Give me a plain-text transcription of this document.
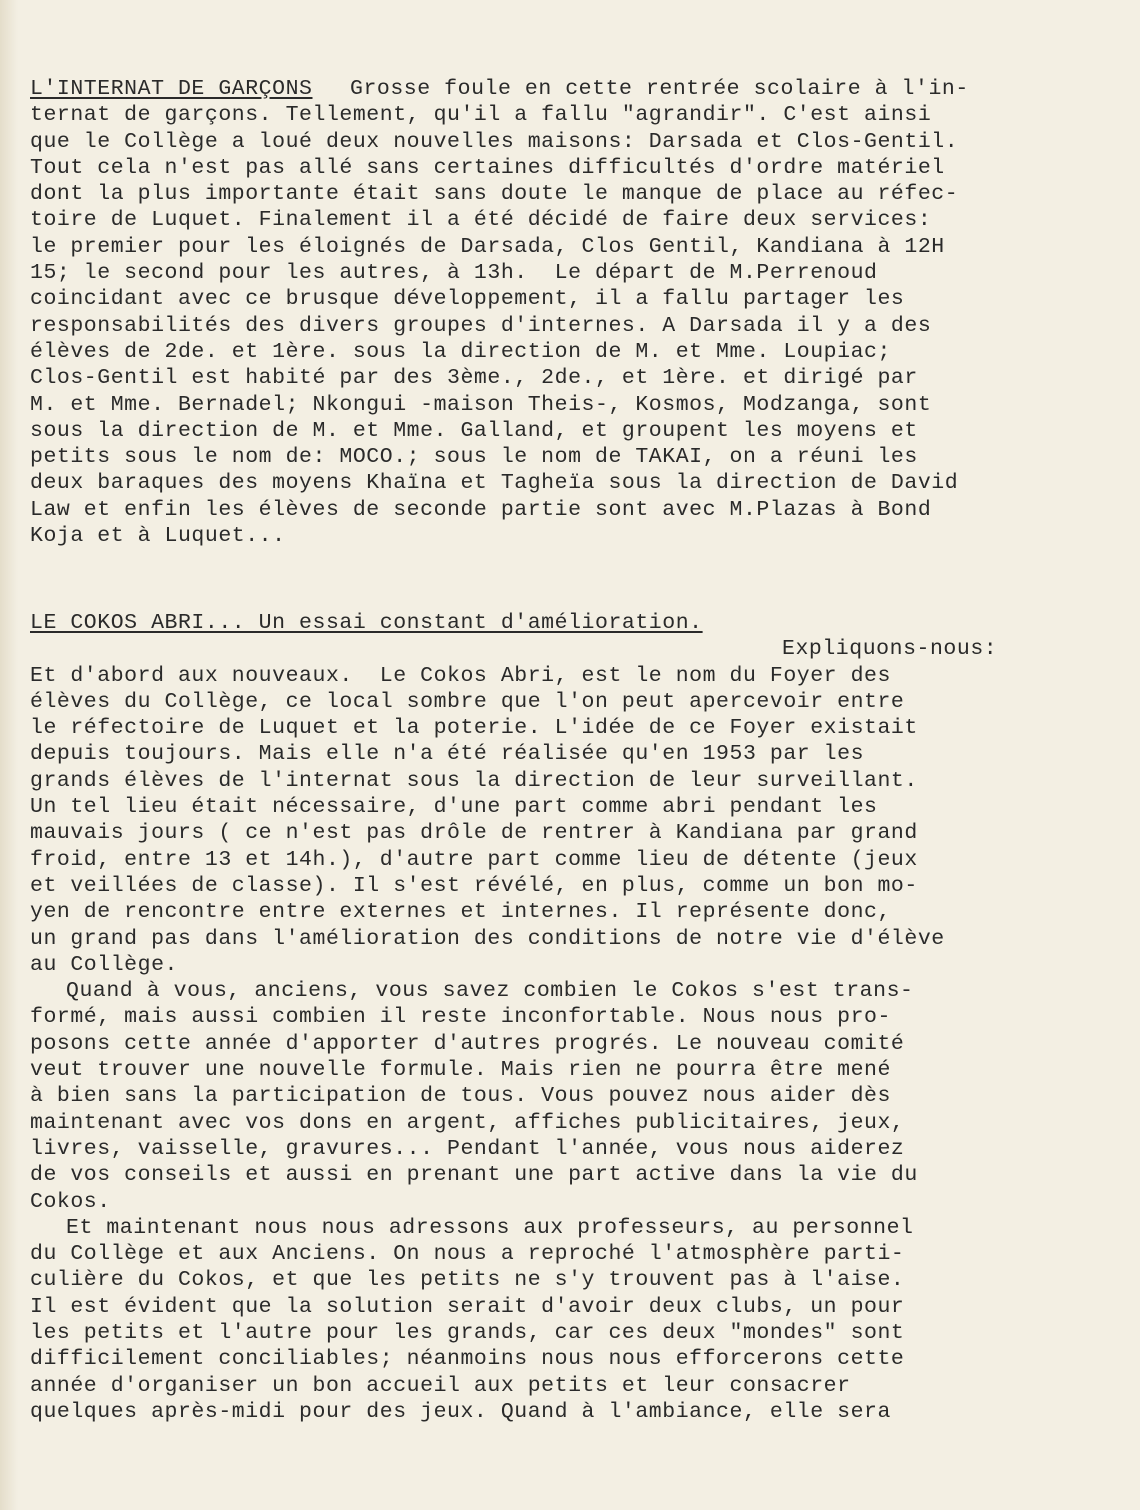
L'INTERNAT DE GARÇONS	Grosse foule en cette rentrée scolaire à l'in-
ternat de garçons. Tellement, qu'il a fallu "agrandir". C'est ainsi
que le Collège a loué deux nouvelles maisons: Darsada et Clos-Gentil.
Tout cela n'est pas allé sans certaines difficultés d'ordre matériel
dont la plus importante était sans doute le manque de place au réfec-
toire de Luquet. Finalement il a été décidé de faire deux services:
le premier pour les éloignés de Darsada, Clos Gentil, Kandiana à 12H
15; le second pour les autres, à 13h.  Le départ de M.Perrenoud
coincidant avec ce brusque développement, il a fallu partager les
responsabilités des divers groupes d'internes. A Darsada il y a des
élèves de 2de. et 1ère. sous la direction de M. et Mme. Loupiac;
Clos-Gentil est habité par des 3ème., 2de., et 1ère. et dirigé par
M. et Mme. Bernadel; Nkongui -maison Theis-, Kosmos, Modzanga, sont
sous la direction de M. et Mme. Galland, et groupent les moyens et
petits sous le nom de: MOCO.; sous le nom de TAKAI, on a réuni les
deux baraques des moyens Khaïna et Tagheïa sous la direction de David
Law et enfin les élèves de seconde partie sont avec M.Plazas à Bond
Koja et à Luquet...
LE COKOS ABRI... Un essai constant d'amélioration.
Expliquons-nous:
Et d'abord aux nouveaux.  Le Cokos Abri, est le nom du Foyer des
élèves du Collège, ce local sombre que l'on peut apercevoir entre
le réfectoire de Luquet et la poterie. L'idée de ce Foyer existait
depuis toujours. Mais elle n'a été réalisée qu'en 1953 par les
grands élèves de l'internat sous la direction de leur surveillant.
Un tel lieu était nécessaire, d'une part comme abri pendant les
mauvais jours ( ce n'est pas drôle de rentrer à Kandiana par grand
froid, entre 13 et 14h.), d'autre part comme lieu de détente (jeux
et veillées de classe). Il s'est révélé, en plus, comme un bon mo-
yen de rencontre entre externes et internes. Il représente donc,
un grand pas dans l'amélioration des conditions de notre vie d'élève
au Collège.
Quand à vous, anciens, vous savez combien le Cokos s'est trans-
formé, mais aussi combien il reste inconfortable. Nous nous pro-
posons cette année d'apporter d'autres progrés. Le nouveau comité
veut trouver une nouvelle formule. Mais rien ne pourra être mené
à bien sans la participation de tous. Vous pouvez nous aider dès
maintenant avec vos dons en argent, affiches publicitaires, jeux,
livres, vaisselle, gravures... Pendant l'année, vous nous aiderez
de vos conseils et aussi en prenant une part active dans la vie du
Cokos.
Et maintenant nous nous adressons aux professeurs, au personnel
du Collège et aux Anciens. On nous a reproché l'atmosphère parti-
culière du Cokos, et que les petits ne s'y trouvent pas à l'aise.
Il est évident que la solution serait d'avoir deux clubs, un pour
les petits et l'autre pour les grands, car ces deux "mondes" sont
difficilement conciliables; néanmoins nous nous efforcerons cette
année d'organiser un bon accueil aux petits et leur consacrer
quelques après-midi pour des jeux. Quand à l'ambiance, elle sera
